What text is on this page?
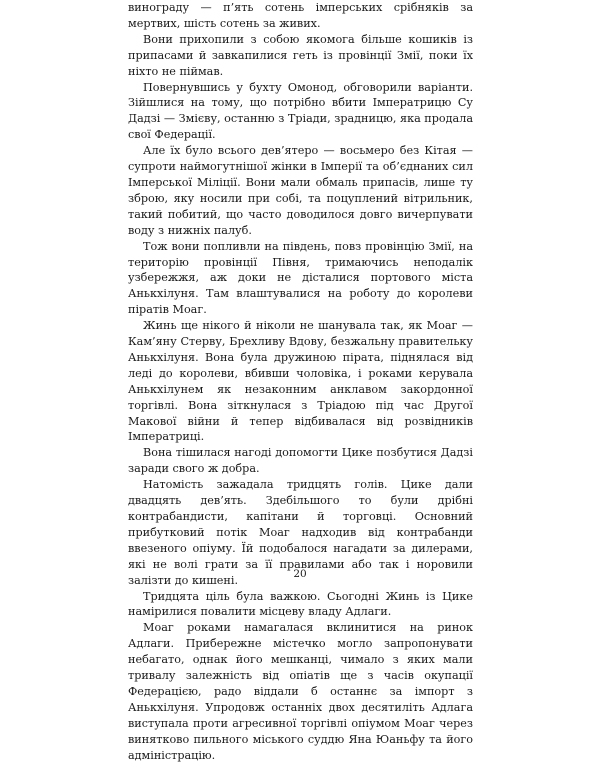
винограду — п’ять сотень імперських срібняків за мертвих, шість сотень за живих.

Вони прихопили з собою якомога більше кошиків із припасами й завкапилися геть із провінції Змії, поки їх ніхто не піймав.

Повернувшись у бухту Омонод, обговорили варіанти. Зійшлися на тому, що потрібно вбити Імператрицю Су Дадзі — Змієву, останню з Тріади, зрадницю, яка продала свої Федерації.

Але їх було всього дев’ятеро — восьмеро без Кітая — супроти наймогутнішої жінки в Імперії та об’єднаних сил Імперської Міліції. Вони мали обмаль припасів, лише ту зброю, яку носили при собі, та поцуплений вітрильник, такий побитий, що часто доводилося довго вичерпувати воду з нижніх палуб.

Тож вони попливли на південь, повз провінцію Змії, на територію провінції Півня, тримаючись неподалік узбережжя, аж доки не дісталися портового міста Анькхілуня. Там влаштувалися на роботу до королеви піратів Моаг.

Жинь ще нікого й ніколи не шанувала так, як Моаг — Кам’яну Стерву, Брехливу Вдову, безжальну правительку Анькхілуня. Вона була дружиною пірата, піднялася від леді до королеви, вбивши чоловіка, і роками керувала Анькхілунем як незаконним анклавом закордонної торгівлі. Вона зіткнулася з Тріадою під час Другої Макової війни й тепер відбивалася від розвідників Імператриці.

Вона тішилася нагоді допомогти Цике позбутися Дадзі заради свого ж добра.

Натомість зажадала тридцять голів. Цике дали двадцять дев’ять. Здебільшого то були дрібні контрабандисти, капітани й торговці. Основний прибутковий потік Моаг надходив від контрабанди ввезеного опіуму. Їй подобалося нагадати за дилерами, які не волі грати за її правилами або так і норовили залізти до кишені.

Тридцята ціль була важкою. Сьогодні Жинь із Цике намірилися повалити місцеву владу Адлаги.

Моаг роками намагалася вклинитися на ринок Адлаги. Прибережне містечко могло запропонувати небагато, однак його мешканці, чимало з яких мали тривалу залежність від опіатів ще з часів окупації Федерацією, радо віддали б останнє за імпорт з Анькхілуня. Упродовж останніх двох десятиліть Адлага виступала проти агресивної торгівлі опіумом Моаг через винятково пильного міського суддю Яна Юаньфу та його адміністрацію.

20
